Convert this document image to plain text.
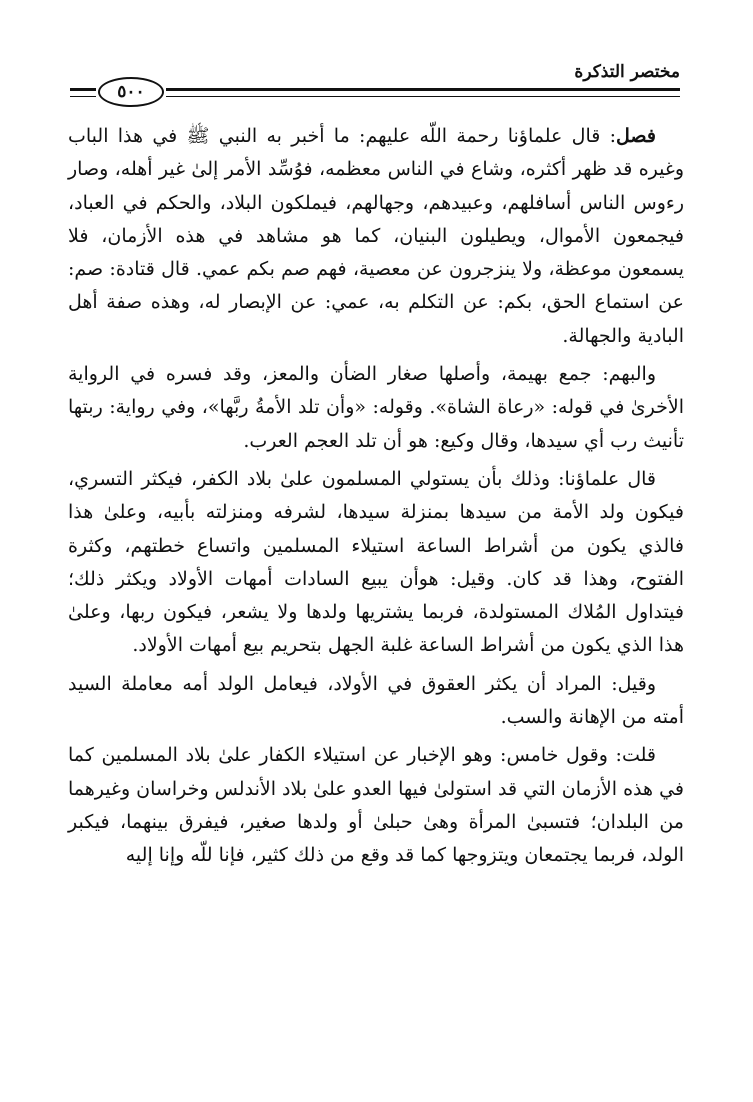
مختصر التذكرة
٥٠٠

فصل: قال علماؤنا رحمة اللّه عليهم: ما أخبر به النبي ﷺ في هذا الباب وغيره قد ظهر أكثره، وشاع في الناس معظمه، فوُسِّد الأمر إلىٰ غير أهله، وصار رءوس الناس أسافلهم، وعبيدهم، وجهالهم، فيملكون البلاد، والحكم في العباد، فيجمعون الأموال، ويطيلون البنيان، كما هو مشاهد في هذه الأزمان، فلا يسمعون موعظة، ولا ينزجرون عن معصية، فهم صم بكم عمي. قال قتادة: صم: عن استماع الحق، بكم: عن التكلم به، عمي: عن الإبصار له، وهذه صفة أهل البادية والجهالة.

والبهم: جمع بهيمة، وأصلها صغار الضأن والمعز، وقد فسره في الرواية الأخرىٰ في قوله: «رعاة الشاة». وقوله: «وأن تلد الأمةُ ربَّها»، وفي رواية: ربتها تأنيث رب أي سيدها، وقال وكيع: هو أن تلد العجم العرب.

قال علماؤنا: وذلك بأن يستولي المسلمون علىٰ بلاد الكفر، فيكثر التسري، فيكون ولد الأمة من سيدها بمنزلة سيدها، لشرفه ومنزلته بأبيه، وعلىٰ هذا فالذي يكون من أشراط الساعة استيلاء المسلمين واتساع خطتهم، وكثرة الفتوح، وهذا قد كان. وقيل: هوأن يبيع السادات أمهات الأولاد ويكثر ذلك؛ فيتداول المُلاك المستولدة، فربما يشتريها ولدها ولا يشعر، فيكون ربها، وعلىٰ هذا الذي يكون من أشراط الساعة غلبة الجهل بتحريم بيع أمهات الأولاد.

وقيل: المراد أن يكثر العقوق في الأولاد، فيعامل الولد أمه معاملة السيد أمته من الإهانة والسب.

قلت: وقول خامس: وهو الإخبار عن استيلاء الكفار علىٰ بلاد المسلمين كما في هذه الأزمان التي قد استولىٰ فيها العدو علىٰ بلاد الأندلس وخراسان وغيرهما من البلدان؛ فتسبىٰ المرأة وهىٰ حبلىٰ أو ولدها صغير، فيفرق بينهما، فيكبر الولد، فربما يجتمعان ويتزوجها كما قد وقع من ذلك كثير، فإنا للّه وإنا إليه
